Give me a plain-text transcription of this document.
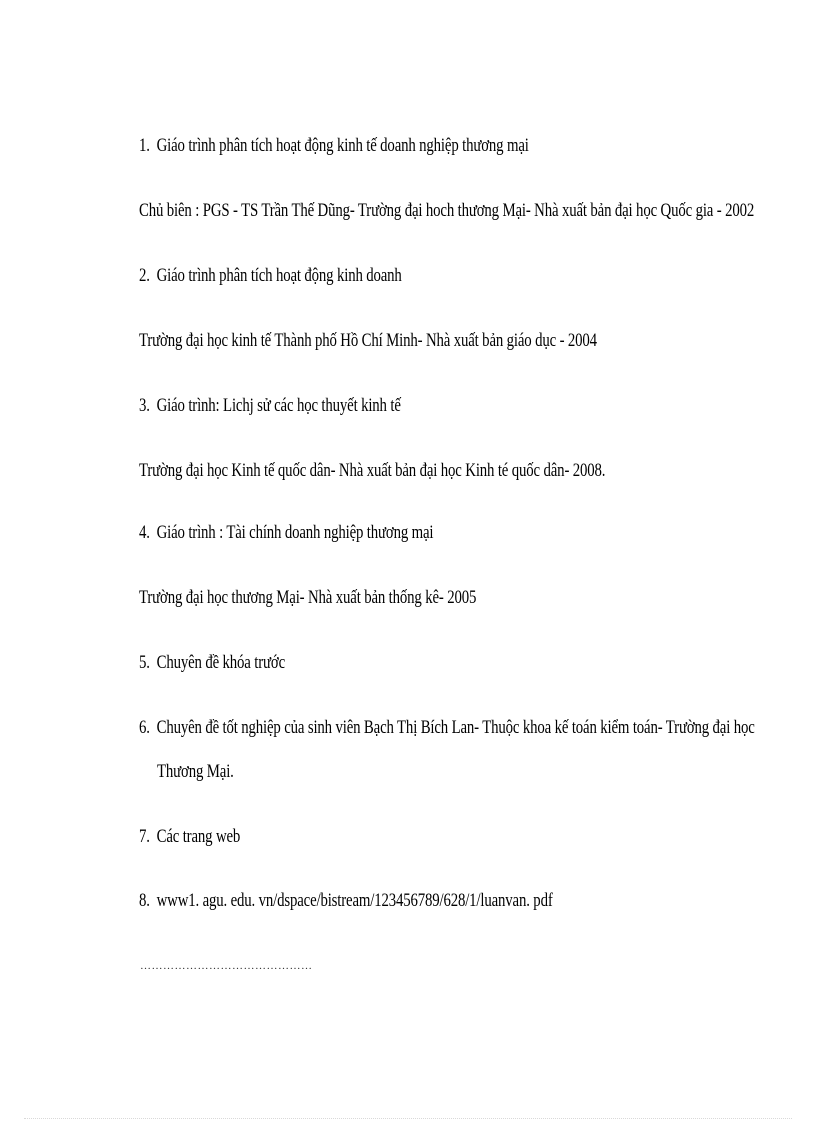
1. Giáo trình phân tích hoạt động kinh tế doanh nghiệp thương mại
Chủ biên : PGS - TS Trần Thế Dũng- Trường đại hoch thương Mại- Nhà xuất bản đại học Quốc gia - 2002
2. Giáo trình phân tích hoạt động kinh doanh
Trường đại học kinh tế Thành phố Hồ Chí Minh- Nhà xuất bản giáo dục - 2004
3. Giáo trình: Lichj sử các học thuyết kinh tế
Trường đại học Kinh tế quốc dân- Nhà xuất bản đại học Kinh té quốc dân- 2008.
4. Giáo trình : Tài chính doanh nghiệp thương mại
Trường đại học thương Mại- Nhà xuất bản thống kê- 2005
5. Chuyên đề khóa trước
6. Chuyên đề tốt nghiệp của sinh viên Bạch Thị Bích Lan- Thuộc khoa kế toán kiểm toán- Trường đại học
Thương Mại.
7. Các trang web
8. www1. agu. edu. vn/dspace/bistream/123456789/628/1/luanvan. pdf
………………………………………
